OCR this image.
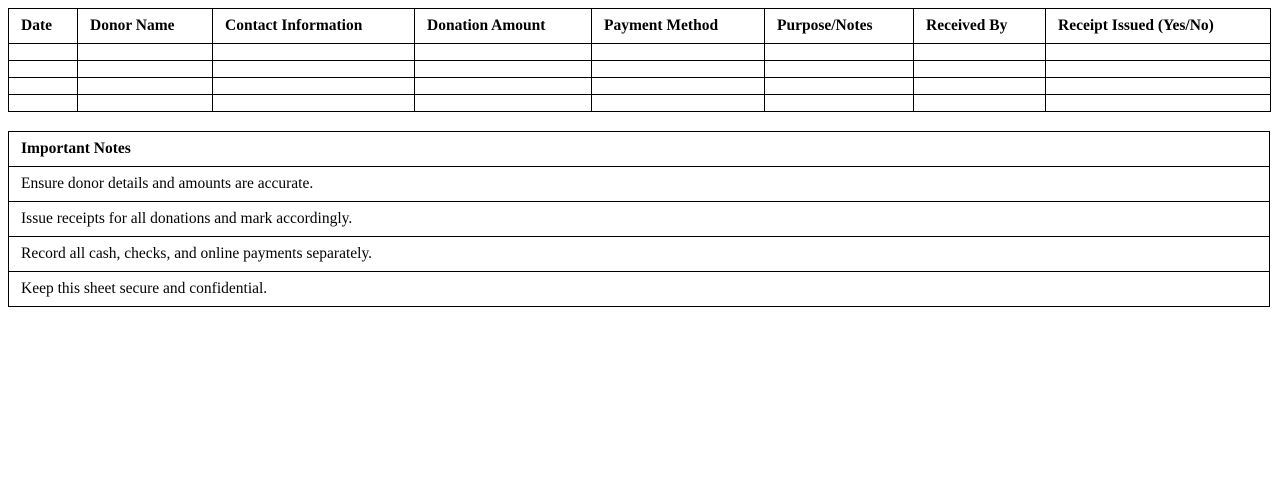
Date	Donor Name	Contact Information	Donation Amount	Payment Method	Purpose/Notes	Received By	Receipt Issued (Yes/No)

Important Notes
Ensure donor details and amounts are accurate.
Issue receipts for all donations and mark accordingly.
Record all cash, checks, and online payments separately.
Keep this sheet secure and confidential.
